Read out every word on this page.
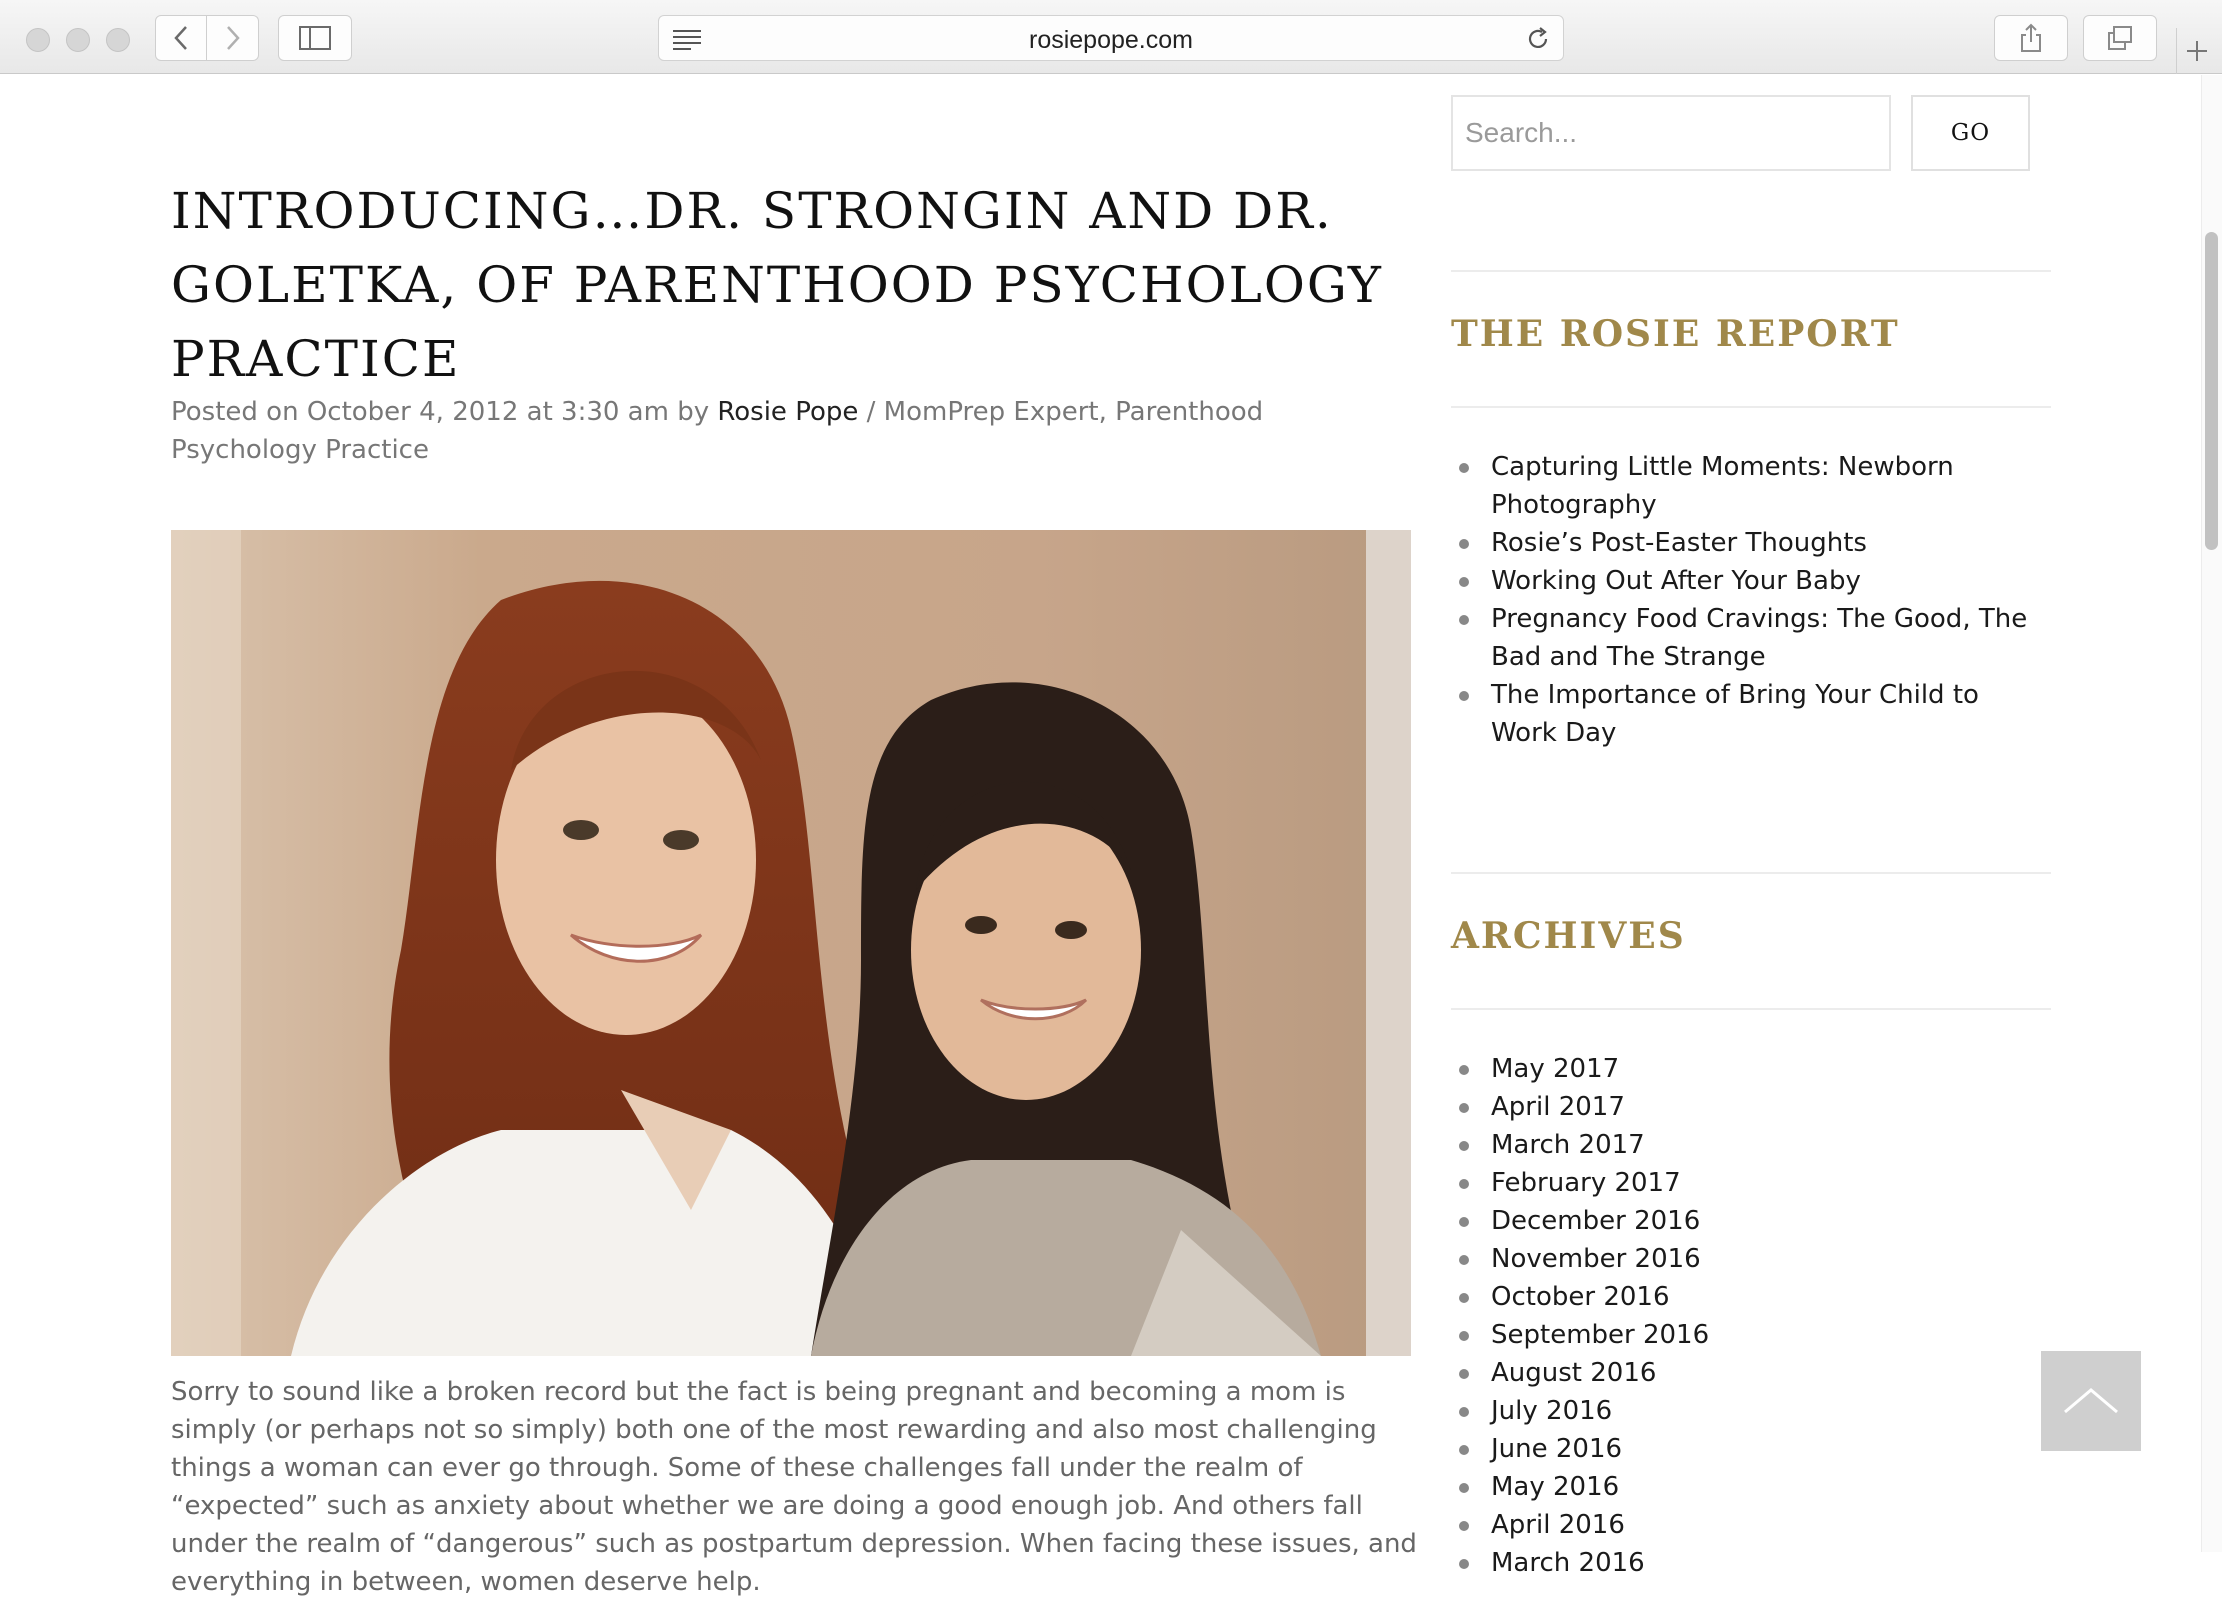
rosiepope.com
INTRODUCING…DR. STRONGIN AND DR. GOLETKA, OF PARENTHOOD PSYCHOLOGY PRACTICE
Posted on October 4, 2012 at 3:30 am by Rosie Pope / MomPrep Expert, Parenthood Psychology Practice

Sorry to sound like a broken record but the fact is being pregnant and becoming a mom is simply (or perhaps not so simply) both one of the most rewarding and also most challenging things a woman can ever go through. Some of these challenges fall under the realm of “expected” such as anxiety about whether we are doing a good enough job. And others fall under the realm of “dangerous” such as postpartum depression. When facing these issues, and everything in between, women deserve help.

Search...
GO
THE ROSIE REPORT
Capturing Little Moments: Newborn Photography
Rosie’s Post-Easter Thoughts
Working Out After Your Baby
Pregnancy Food Cravings: The Good, The Bad and The Strange
The Importance of Bring Your Child to Work Day
ARCHIVES
May 2017
April 2017
March 2017
February 2017
December 2016
November 2016
October 2016
September 2016
August 2016
July 2016
June 2016
May 2016
April 2016
March 2016
